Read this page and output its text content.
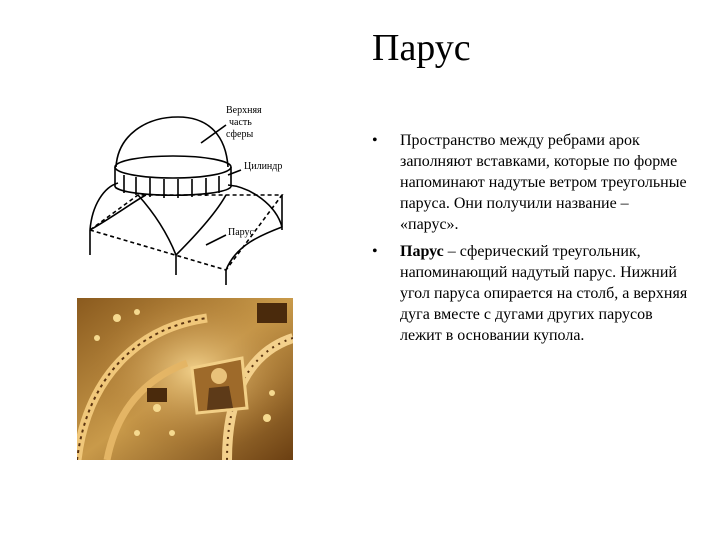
Парус
Верхняя
часть
сферы
Цилиндр
Парус
• Пространство между ребрами арок заполняют вставками, которые по форме напоминают надутые ветром треугольные паруса. Они получили название – «парус».
• Парус – сферический треугольник, напоминающий надутый парус. Нижний угол паруса опирается на столб, а верхняя дуга вместе с дугами других парусов лежит в основании купола.
